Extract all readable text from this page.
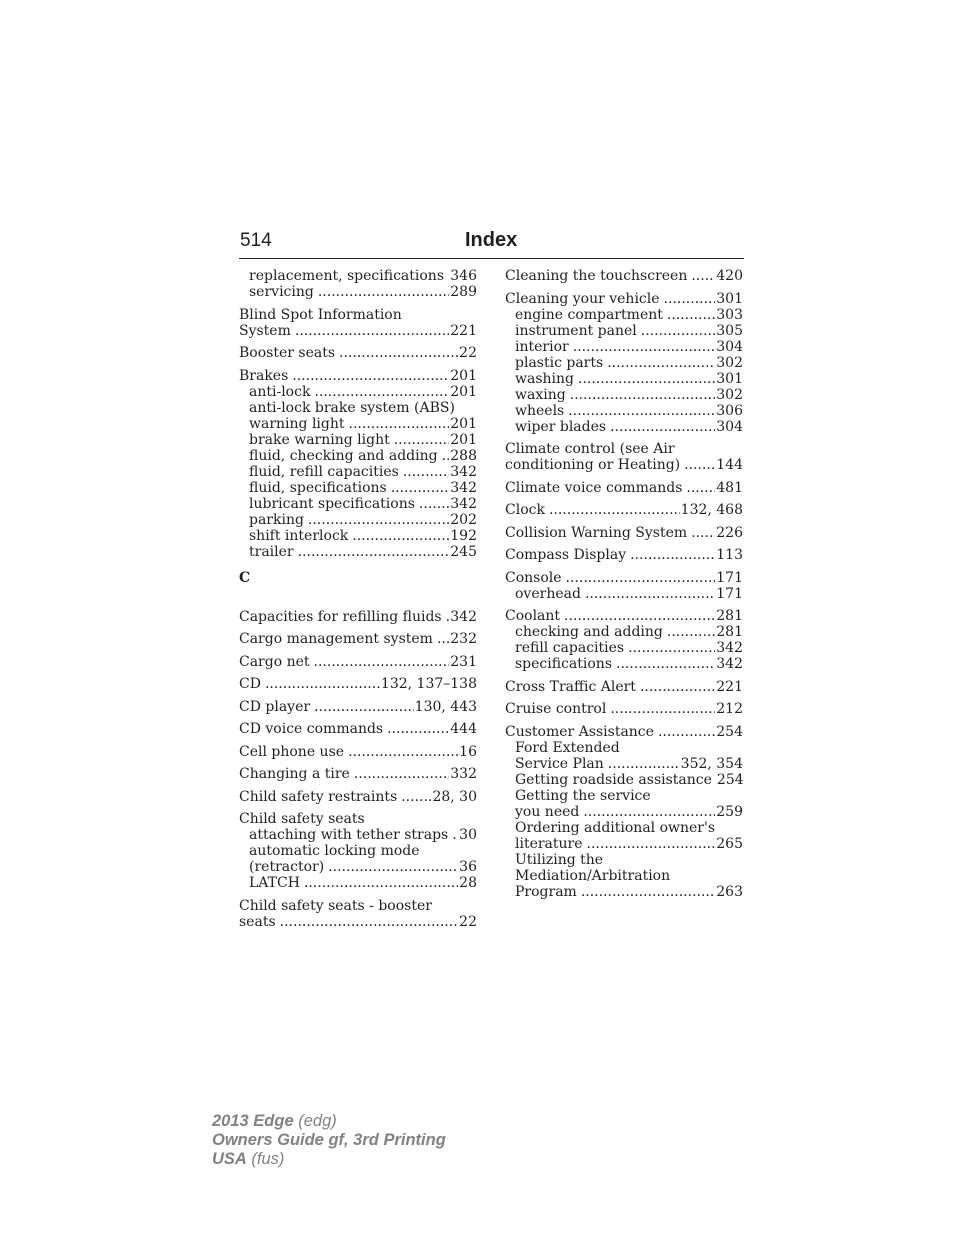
514	Index
replacement, specifications ..... 346
servicing .....	289
Blind Spot Information
System .....	221
Booster seats .....	22
Brakes .....	201
anti-lock .....	201
anti-lock brake system (ABS)
warning light .....	201
brake warning light .....	201
fluid, checking and adding ..... 288
fluid, refill capacities .....	342
fluid, specifications .....	342
lubricant specifications .....	342
parking .....	202
shift interlock .....	192
trailer .....	245
C
Capacities for refilling fluids ..... 342
Cargo management system ..... 232
Cargo net .....	231
CD .....	132, 137–138
CD player .....	130, 443
CD voice commands .....	444
Cell phone use .....	16
Changing a tire .....	332
Child safety restraints .....	28, 30
Child safety seats
attaching with tether straps ..... 30
automatic locking mode
(retractor) .....	36
LATCH .....	28
Child safety seats - booster
seats .....	22
Cleaning the touchscreen ..... 420
Cleaning your vehicle .....	301
engine compartment .....	303
instrument panel .....	305
interior .....	304
plastic parts .....	302
washing .....	301
waxing .....	302
wheels .....	306
wiper blades .....	304
Climate control (see Air
conditioning or Heating) .....	144
Climate voice commands ..... 481
Clock .....	132, 468
Collision Warning System ..... 226
Compass Display .....	113
Console .....	171
overhead .....	171
Coolant .....	281
checking and adding .....	281
refill capacities .....	342
specifications .....	342
Cross Traffic Alert .....	221
Cruise control .....	212
Customer Assistance .....	254
Ford Extended
Service Plan .....	352, 354
Getting roadside assistance 254
Getting the service
you need .....	259
Ordering additional owner's
literature .....	265
Utilizing the
Mediation/Arbitration
Program .....	263
2013 Edge (edg)
Owners Guide gf, 3rd Printing
USA (fus)
